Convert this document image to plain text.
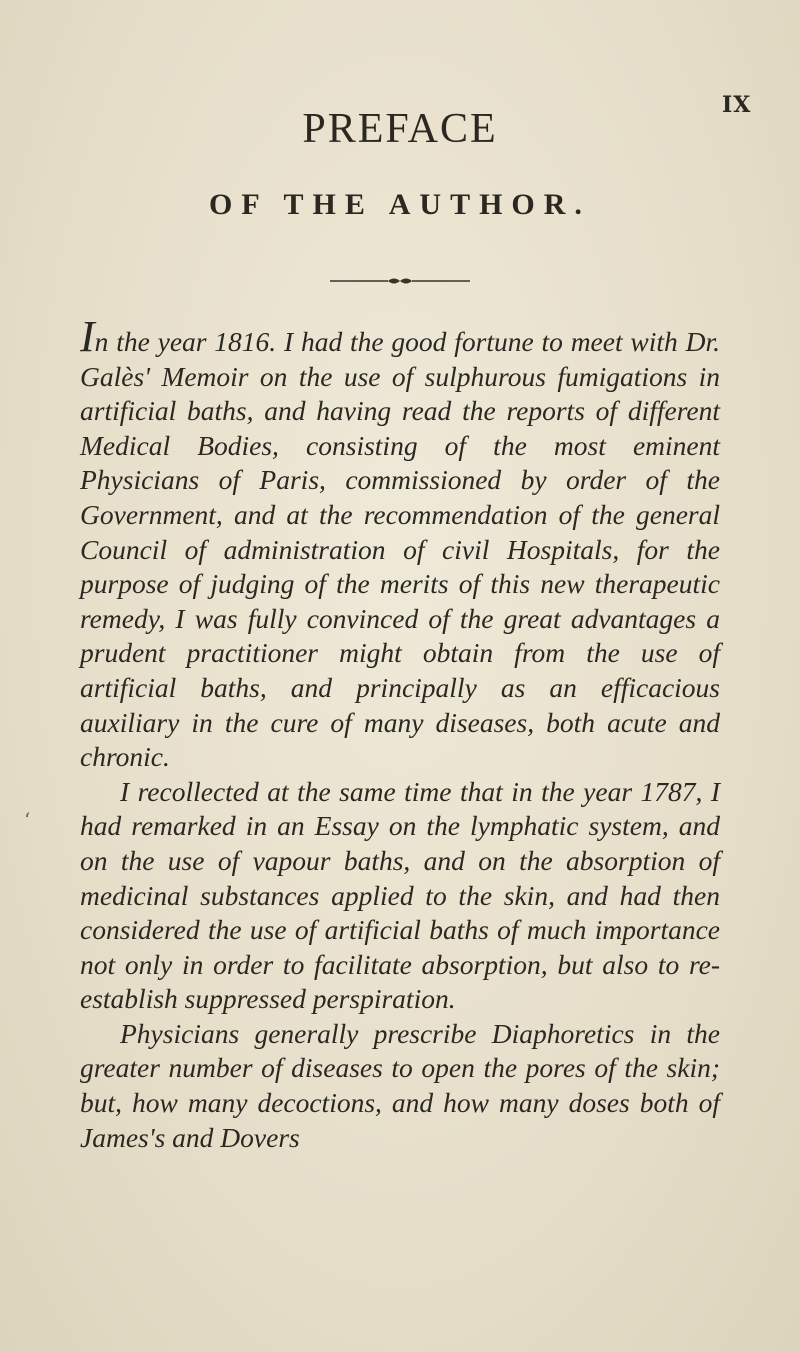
IX
PREFACE
OF THE AUTHOR.
‘

In the year 1816. I had the good fortune to meet with Dr. Galès' Memoir on the use of sulphurous fumigations in artificial baths, and having read the reports of different Medical Bodies, consisting of the most eminent Physicians of Paris, commissioned by order of the Government, and at the recommendation of the general Council of administration of civil Hospitals, for the purpose of judging of the merits of this new therapeutic remedy, I was fully convinced of the great advantages a prudent practitioner might obtain from the use of artificial baths, and principally as an efficacious auxiliary in the cure of many diseases, both acute and chronic.

I recollected at the same time that in the year 1787, I had remarked in an Essay on the lymphatic system, and on the use of vapour baths, and on the absorption of medicinal substances applied to the skin, and had then considered the use of artificial baths of much importance not only in order to facilitate absorption, but also to re-establish suppressed perspiration.

Physicians generally prescribe Diaphoretics in the greater number of diseases to open the pores of the skin; but, how many decoctions, and how many doses both of James's and Dovers
